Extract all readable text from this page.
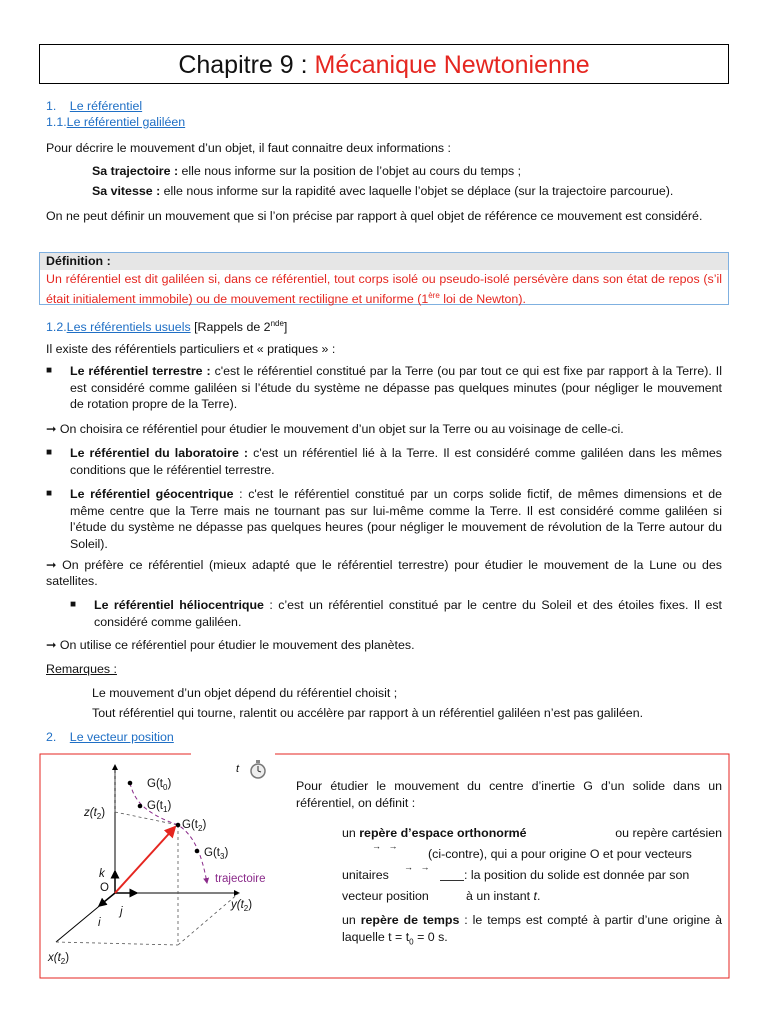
Chapitre 9 : Mécanique Newtonienne
1. Le référentiel
1.1.Le référentiel galiléen
Pour décrire le mouvement d’un objet, il faut connaitre deux informations :
Sa trajectoire : elle nous informe sur la position de l’objet au cours du temps ;
Sa vitesse : elle nous informe sur la rapidité avec laquelle l’objet se déplace (sur la trajectoire parcourue).
On ne peut définir un mouvement que si l’on précise par rapport à quel objet de référence ce mouvement est considéré.
Définition :
Un référentiel est dit galiléen si, dans ce référentiel, tout corps isolé ou pseudo-isolé persévère dans son état de repos (s’il était initialement immobile) ou de mouvement rectiligne et uniforme (1ère loi de Newton).
1.2.Les référentiels usuels [Rappels de 2nde]
Il existe des référentiels particuliers et « pratiques » :
■ Le référentiel terrestre : c'est le référentiel constitué par la Terre (ou par tout ce qui est fixe par rapport à la Terre). Il est considéré comme galiléen si l’étude du système ne dépasse pas quelques minutes (pour négliger le mouvement de rotation propre de la Terre).
➞ On choisira ce référentiel pour étudier le mouvement d’un objet sur la Terre ou au voisinage de celle-ci.
■ Le référentiel du laboratoire : c'est un référentiel lié à la Terre. Il est considéré comme galiléen dans les mêmes conditions que le référentiel terrestre.
■ Le référentiel géocentrique : c'est le référentiel constitué par un corps solide fictif, de mêmes dimensions et de même centre que la Terre mais ne tournant pas sur lui-même comme la Terre. Il est considéré comme galiléen si l’étude du système ne dépasse pas quelques heures (pour négliger le mouvement de révolution de la Terre autour du Soleil).
➞ On préfère ce référentiel (mieux adapté que le référentiel terrestre) pour étudier le mouvement de la Lune ou des satellites.
■ Le référentiel héliocentrique : c’est un référentiel constitué par le centre du Soleil et des étoiles fixes. Il est considéré comme galiléen.
➞ On utilise ce référentiel pour étudier le mouvement des planètes.
Remarques :
Le mouvement d’un objet dépend du référentiel choisit ;
Tout référentiel qui tourne, ralentit ou accélère par rapport à un référentiel galiléen n’est pas galiléen.
2. Le vecteur position
$G(t_0)$
$G(t_1)$
$G(t_2)$
$G(t_3)$
$z(t_2)$
$y(t_2)$
$x(t_2)$
O
k
j
i
trajectoire
t
Pour étudier le mouvement du centre d’inertie G d’un solide dans un référentiel, on définit :
un repère d’espace orthonormé	ou repère cartésien
→   →
(ci-contre), qui a pour origine O et pour vecteurs
unitaires
→   →
: la position du solide est donnée par son
vecteur position	à un instant t.
un repère de temps : le temps est compté à partir d’une origine à laquelle $t = t_0 = 0$ s.
